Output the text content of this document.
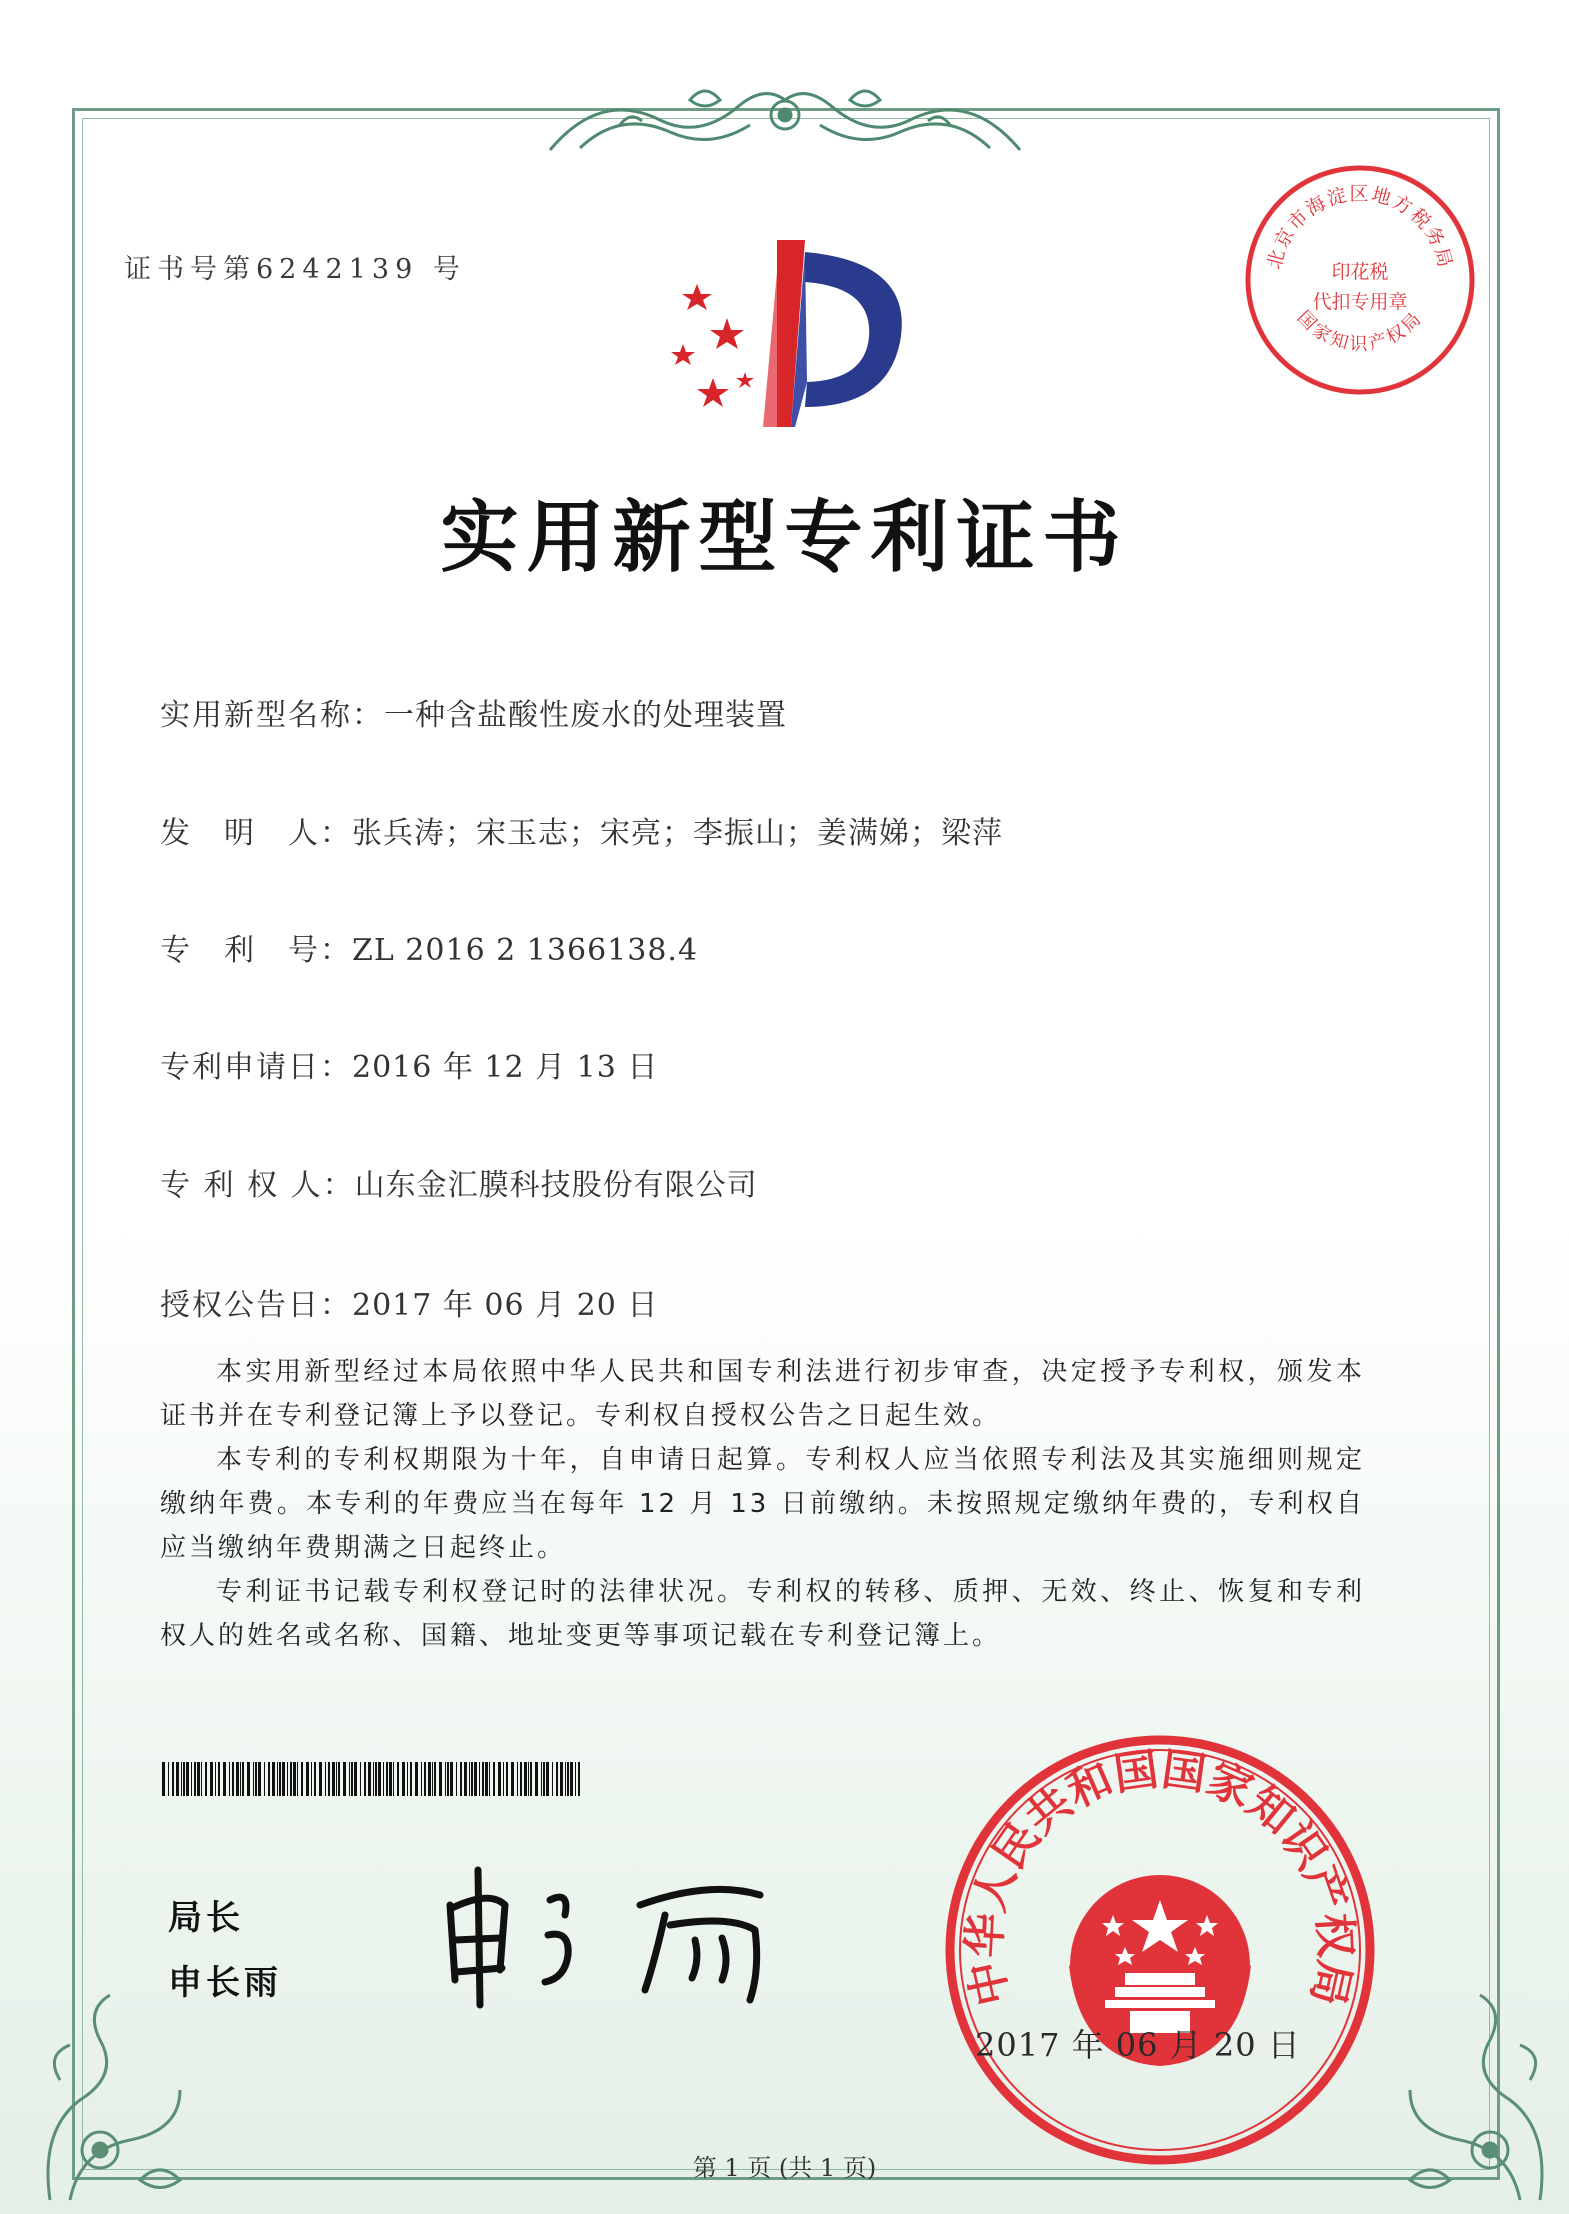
证书号第6242139 号
实用新型专利证书
实用新型名称：一种含盐酸性废水的处理装置
发　明　人：张兵涛；宋玉志；宋亮；李振山；姜满娣；梁萍
专　利　号：ZL 2016 2 1366138.4
专利申请日：2016 年 12 月 13 日
专 利 权 人：山东金汇膜科技股份有限公司
授权公告日：2017 年 06 月 20 日

本实用新型经过本局依照中华人民共和国专利法进行初步审查，决定授予专利权，颁发本证书并在专利登记簿上予以登记。专利权自授权公告之日起生效。

本专利的专利权期限为十年，自申请日起算。专利权人应当依照专利法及其实施细则规定缴纳年费。本专利的年费应当在每年 12 月 13 日前缴纳。未按照规定缴纳年费的，专利权自应当缴纳年费期满之日起终止。

专利证书记载专利权登记时的法律状况。专利权的转移、质押、无效、终止、恢复和专利权人的姓名或名称、国籍、地址变更等事项记载在专利登记簿上。

局长
申长雨
北京市海淀区地方税务局
国家知识产权局
印花税
代扣专用章
中华人民共和国国家知识产权局
2017 年 06 月 20 日
第 1 页 (共 1 页)
